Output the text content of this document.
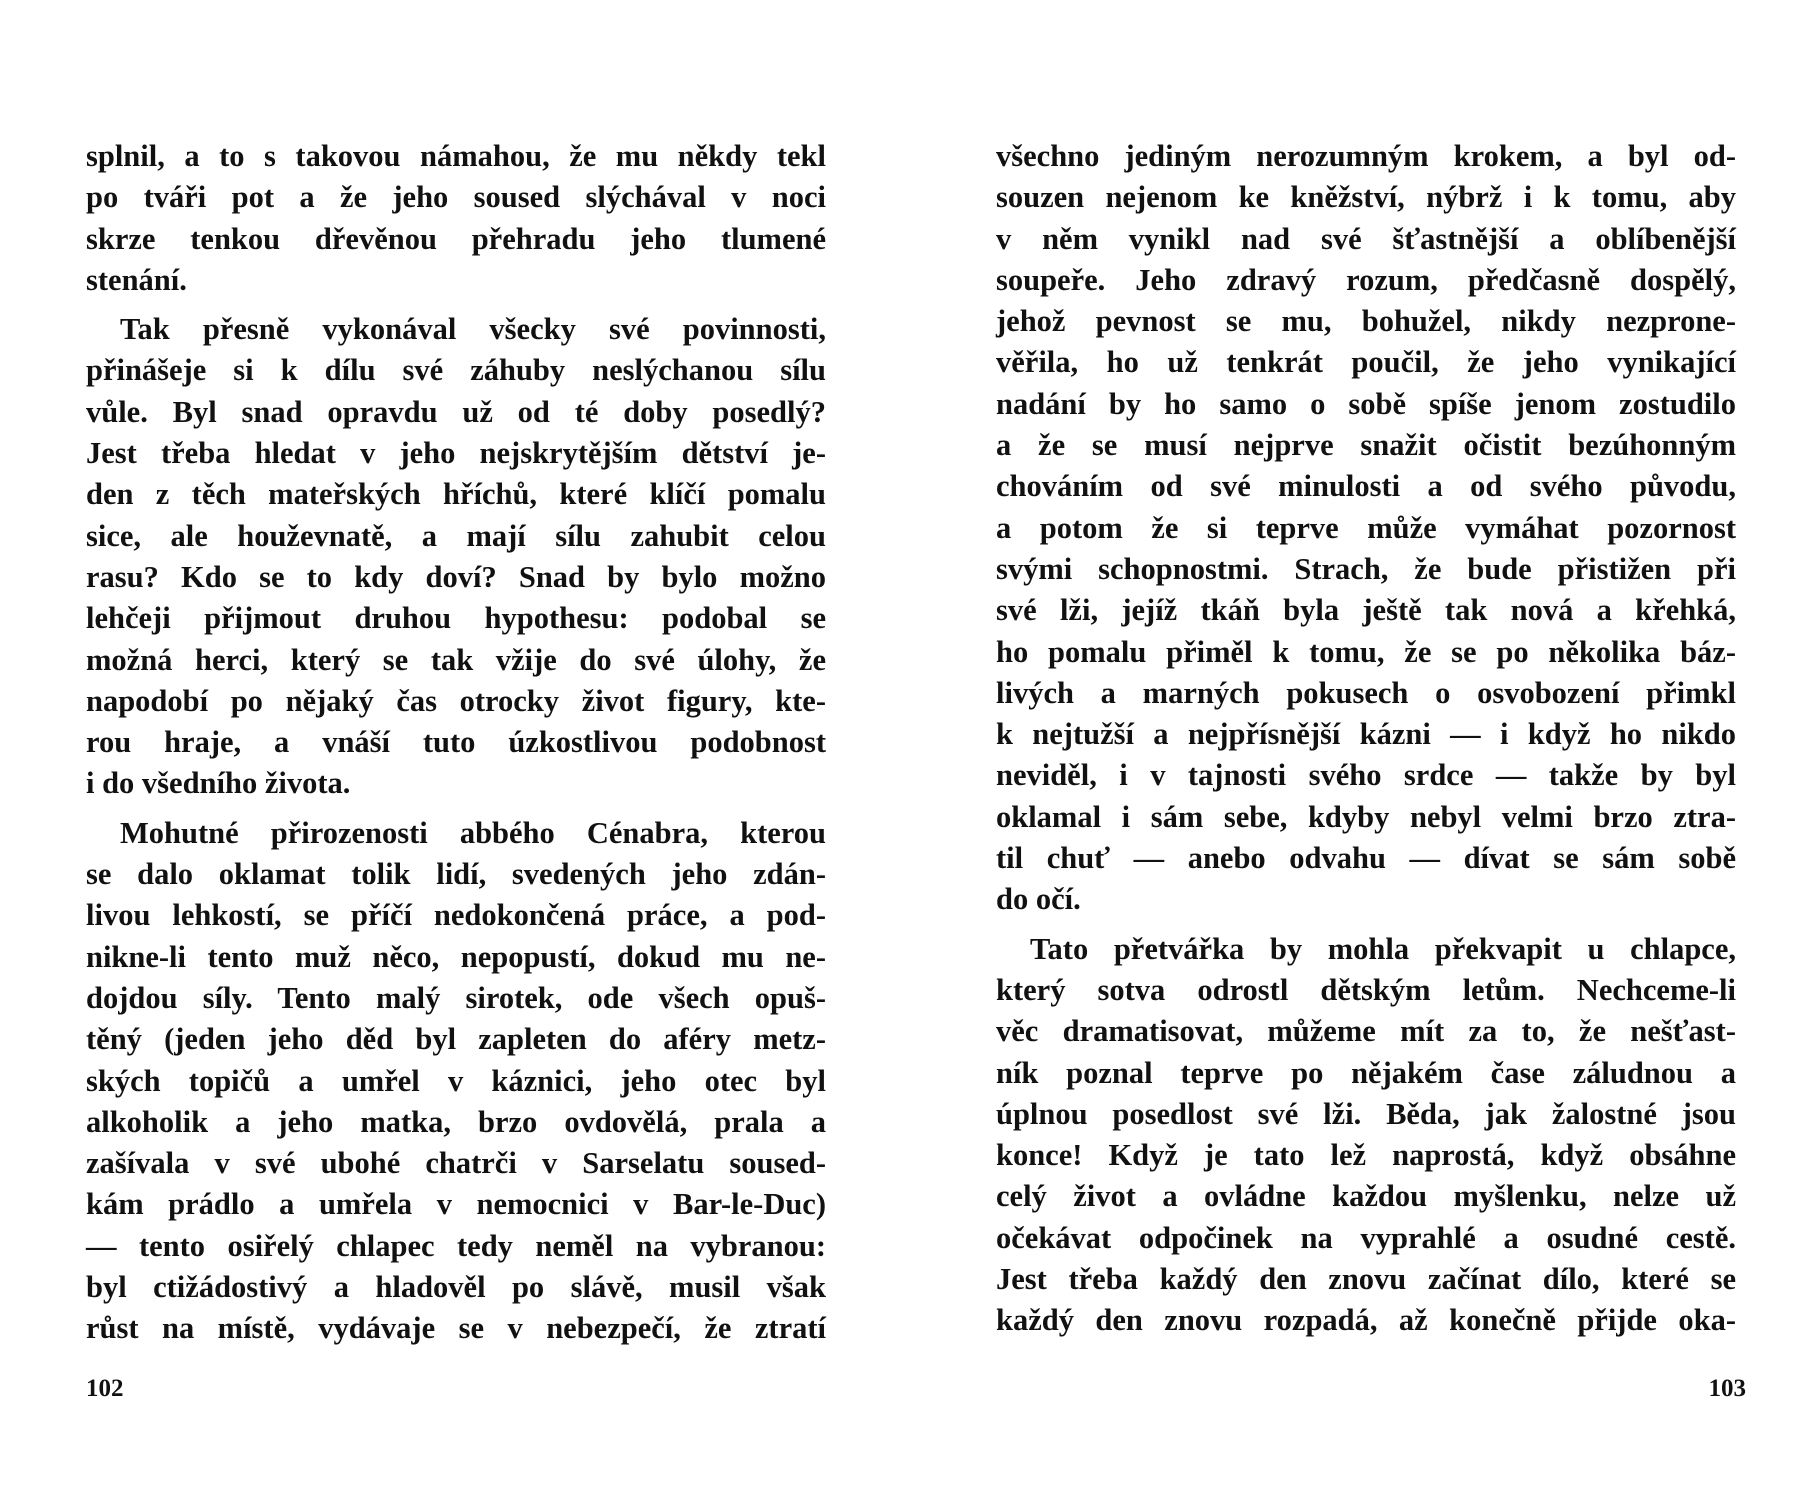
splnil, a to s takovou námahou, že mu někdy tekl
po tváři pot a že jeho soused slýchával v noci
skrze tenkou dřevěnou přehradu jeho tlumené
stenání.
Tak přesně vykonával všecky své povinnosti,
přinášeje si k dílu své záhuby neslýchanou sílu
vůle. Byl snad opravdu už od té doby posedlý?
Jest třeba hledat v jeho nejskrytějším dětství je-
den z těch mateřských hříchů, které klíčí pomalu
sice, ale houževnatě, a mají sílu zahubit celou
rasu? Kdo se to kdy doví? Snad by bylo možno
lehčeji přijmout druhou hypothesu: podobal se
možná herci, který se tak vžije do své úlohy, že
napodobí po nějaký čas otrocky život figury, kte-
rou hraje, a vnáší tuto úzkostlivou podobnost
i do všedního života.
Mohutné přirozenosti abbého Cénabra, kterou
se dalo oklamat tolik lidí, svedených jeho zdán-
livou lehkostí, se příčí nedokončená práce, a pod-
nikne-li tento muž něco, nepopustí, dokud mu ne-
dojdou síly. Tento malý sirotek, ode všech opuš-
těný (jeden jeho děd byl zapleten do aféry metz-
ských topičů a umřel v káznici, jeho otec byl
alkoholik a jeho matka, brzo ovdovělá, prala a
zašívala v své ubohé chatrči v Sarselatu soused-
kám prádlo a umřela v nemocnici v Bar-le-Duc)
— tento osiřelý chlapec tedy neměl na vybranou:
byl ctižádostivý a hladověl po slávě, musil však
růst na místě, vydávaje se v nebezpečí, že ztratí
102
všechno jediným nerozumným krokem, a byl od-
souzen nejenom ke kněžství, nýbrž i k tomu, aby
v něm vynikl nad své šťastnější a oblíbenější
soupeře. Jeho zdravý rozum, předčasně dospělý,
jehož pevnost se mu, bohužel, nikdy nezprone-
věřila, ho už tenkrát poučil, že jeho vynikající
nadání by ho samo o sobě spíše jenom zostudilo
a že se musí nejprve snažit očistit bezúhonným
chováním od své minulosti a od svého původu,
a potom že si teprve může vymáhat pozornost
svými schopnostmi. Strach, že bude přistižen při
své lži, jejíž tkáň byla ještě tak nová a křehká,
ho pomalu přiměl k tomu, že se po několika báz-
livých a marných pokusech o osvobození přimkl
k nejtužší a nejpřísnější kázni — i když ho nikdo
neviděl, i v tajnosti svého srdce — takže by byl
oklamal i sám sebe, kdyby nebyl velmi brzo ztra-
til chuť — anebo odvahu — dívat se sám sobě
do očí.
Tato přetvářka by mohla překvapit u chlapce,
který sotva odrostl dětským letům. Nechceme-li
věc dramatisovat, můžeme mít za to, že nešťast-
ník poznal teprve po nějakém čase záludnou a
úplnou posedlost své lži. Běda, jak žalostné jsou
konce! Když je tato lež naprostá, když obsáhne
celý život a ovládne každou myšlenku, nelze už
očekávat odpočinek na vyprahlé a osudné cestě.
Jest třeba každý den znovu začínat dílo, které se
každý den znovu rozpadá, až konečně přijde oka-
103
